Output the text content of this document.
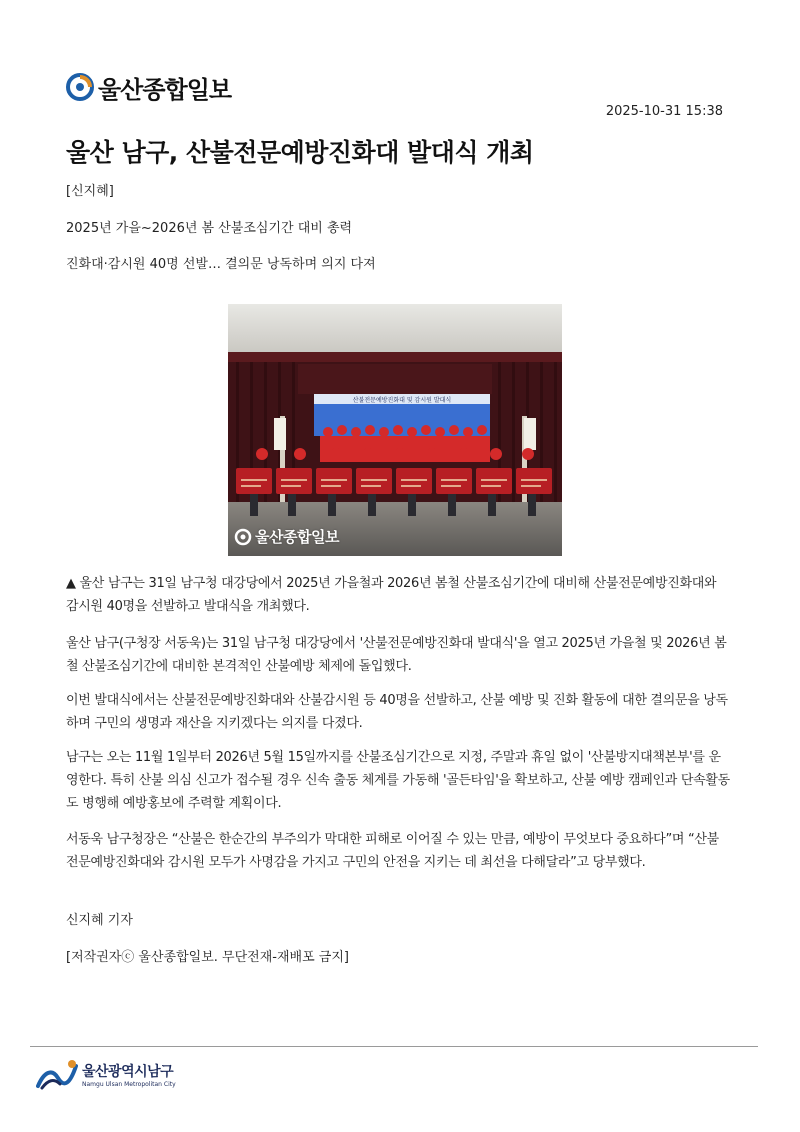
울산종합일보
2025-10-31 15:38
울산 남구, 산불전문예방진화대 발대식 개최

[신지혜]

2025년 가을~2026년 봄 산불조심기간 대비 총력

진화대·감시원 40명 선발… 결의문 낭독하며 의지 다져

산불전문예방진화대 및 감시원 발대식
울산종합일보

▲ 울산 남구는 31일 남구청 대강당에서 2025년 가을철과 2026년 봄철 산불조심기간에 대비해 산불전문예방진화대와 감시원 40명을 선발하고 발대식을 개최했다.

울산 남구(구청장 서동욱)는 31일 남구청 대강당에서 '산불전문예방진화대 발대식'을 열고 2025년 가을철 및 2026년 봄철 산불조심기간에 대비한 본격적인 산불예방 체제에 돌입했다.

이번 발대식에서는 산불전문예방진화대와 산불감시원 등 40명을 선발하고, 산불 예방 및 진화 활동에 대한 결의문을 낭독하며 구민의 생명과 재산을 지키겠다는 의지를 다졌다.

남구는 오는 11월 1일부터 2026년 5월 15일까지를 산불조심기간으로 지정, 주말과 휴일 없이 '산불방지대책본부'를 운영한다. 특히 산불 의심 신고가 접수될 경우 신속 출동 체계를 가동해 '골든타임'을 확보하고, 산불 예방 캠페인과 단속활동도 병행해 예방홍보에 주력할 계획이다.

서동욱 남구청장은 “산불은 한순간의 부주의가 막대한 피해로 이어질 수 있는 만큼, 예방이 무엇보다 중요하다”며 “산불전문예방진화대와 감시원 모두가 사명감을 가지고 구민의 안전을 지키는 데 최선을 다해달라”고 당부했다.

신지혜 기자

[저작권자ⓒ 울산종합일보. 무단전재-재배포 금지]

울산광역시남구
Namgu Ulsan Metropolitan City
